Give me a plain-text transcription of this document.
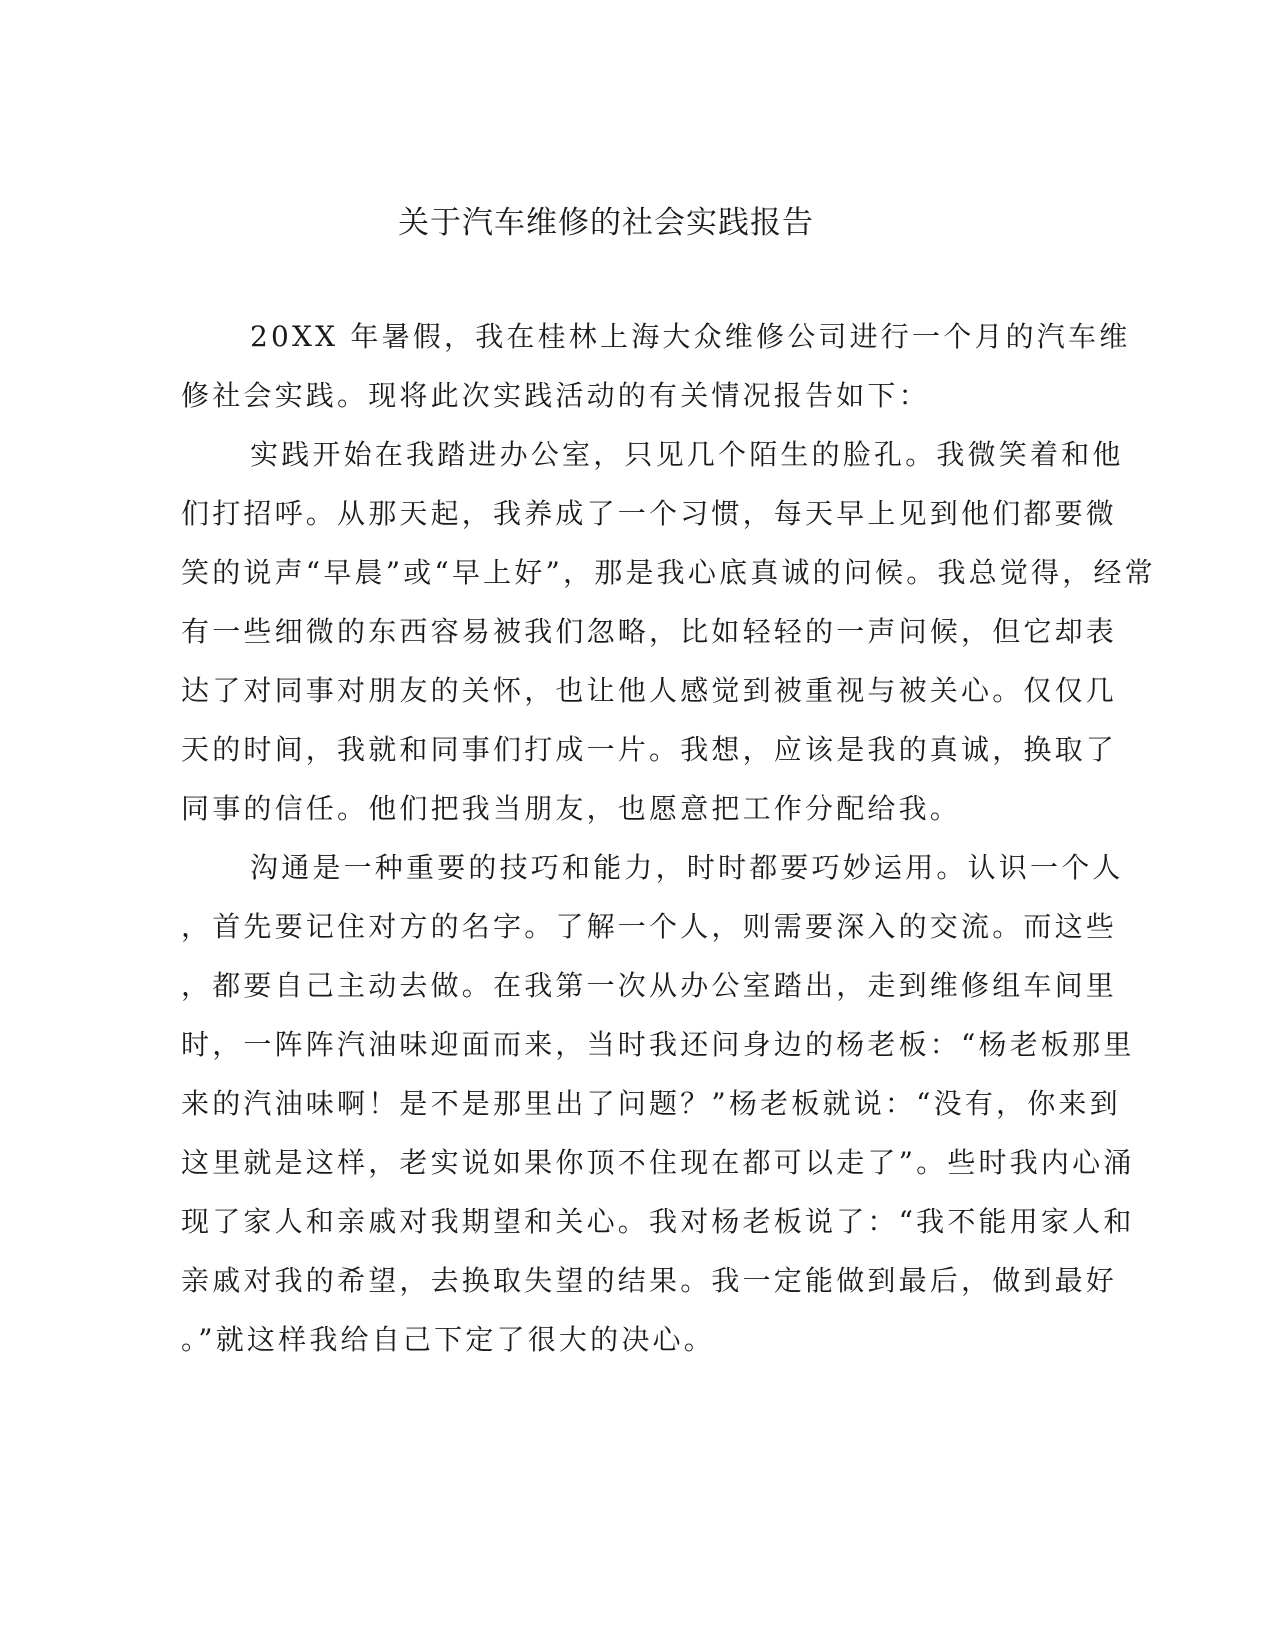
关于汽车维修的社会实践报告
20XX 年暑假，我在桂林上海大众维修公司进行一个月的汽车维
修社会实践。现将此次实践活动的有关情况报告如下：
实践开始在我踏进办公室，只见几个陌生的脸孔。我微笑着和他
们打招呼。从那天起，我养成了一个习惯，每天早上见到他们都要微
笑的说声“早晨”或“早上好”，那是我心底真诚的问候。我总觉得，经常
有一些细微的东西容易被我们忽略，比如轻轻的一声问候，但它却表
达了对同事对朋友的关怀，也让他人感觉到被重视与被关心。仅仅几
天的时间，我就和同事们打成一片。我想，应该是我的真诚，换取了
同事的信任。他们把我当朋友，也愿意把工作分配给我。
沟通是一种重要的技巧和能力，时时都要巧妙运用。认识一个人
，首先要记住对方的名字。了解一个人，则需要深入的交流。而这些
，都要自己主动去做。在我第一次从办公室踏出，走到维修组车间里
时，一阵阵汽油味迎面而来，当时我还问身边的杨老板：“杨老板那里
来的汽油味啊！是不是那里出了问题？”杨老板就说：“没有，你来到
这里就是这样，老实说如果你顶不住现在都可以走了”。些时我内心涌
现了家人和亲戚对我期望和关心。我对杨老板说了：“我不能用家人和
亲戚对我的希望，去换取失望的结果。我一定能做到最后，做到最好
。”就这样我给自己下定了很大的决心。
